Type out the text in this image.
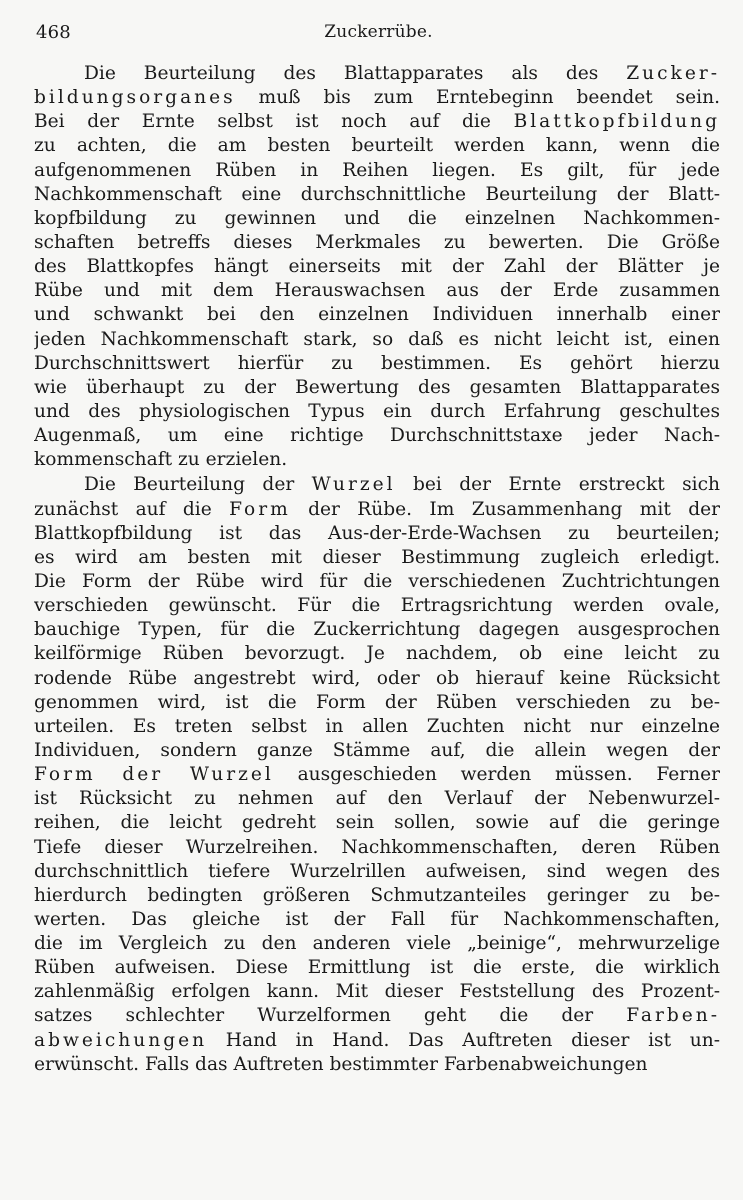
468	Zuckerrübe.
Die Beurteilung des Blattapparates als des Zucker-
bildungsorganes muß bis zum Erntebeginn beendet sein.
Bei der Ernte selbst ist noch auf die Blattkopfbildung
zu achten, die am besten beurteilt werden kann, wenn die
aufgenommenen Rüben in Reihen liegen. Es gilt, für jede
Nachkommenschaft eine durchschnittliche Beurteilung der Blatt-
kopfbildung zu gewinnen und die einzelnen Nachkommen-
schaften betreffs dieses Merkmales zu bewerten. Die Größe
des Blattkopfes hängt einerseits mit der Zahl der Blätter je
Rübe und mit dem Herauswachsen aus der Erde zusammen
und schwankt bei den einzelnen Individuen innerhalb einer
jeden Nachkommenschaft stark, so daß es nicht leicht ist, einen
Durchschnittswert hierfür zu bestimmen. Es gehört hierzu
wie überhaupt zu der Bewertung des gesamten Blattapparates
und des physiologischen Typus ein durch Erfahrung geschultes
Augenmaß, um eine richtige Durchschnittstaxe jeder Nach-
kommenschaft zu erzielen.
Die Beurteilung der Wurzel bei der Ernte erstreckt sich
zunächst auf die Form der Rübe. Im Zusammenhang mit der
Blattkopfbildung ist das Aus-der-Erde-Wachsen zu beurteilen;
es wird am besten mit dieser Bestimmung zugleich erledigt.
Die Form der Rübe wird für die verschiedenen Zuchtrichtungen
verschieden gewünscht. Für die Ertragsrichtung werden ovale,
bauchige Typen, für die Zuckerrichtung dagegen ausgesprochen
keilförmige Rüben bevorzugt. Je nachdem, ob eine leicht zu
rodende Rübe angestrebt wird, oder ob hierauf keine Rücksicht
genommen wird, ist die Form der Rüben verschieden zu be-
urteilen. Es treten selbst in allen Zuchten nicht nur einzelne
Individuen, sondern ganze Stämme auf, die allein wegen der
Form der Wurzel ausgeschieden werden müssen. Ferner
ist Rücksicht zu nehmen auf den Verlauf der Nebenwurzel-
reihen, die leicht gedreht sein sollen, sowie auf die geringe
Tiefe dieser Wurzelreihen. Nachkommenschaften, deren Rüben
durchschnittlich tiefere Wurzelrillen aufweisen, sind wegen des
hierdurch bedingten größeren Schmutzanteiles geringer zu be-
werten. Das gleiche ist der Fall für Nachkommenschaften,
die im Vergleich zu den anderen viele „beinige“, mehrwurzelige
Rüben aufweisen. Diese Ermittlung ist die erste, die wirklich
zahlenmäßig erfolgen kann. Mit dieser Feststellung des Prozent-
satzes schlechter Wurzelformen geht die der Farben-
abweichungen Hand in Hand. Das Auftreten dieser ist un-
erwünscht. Falls das Auftreten bestimmter Farbenabweichungen
